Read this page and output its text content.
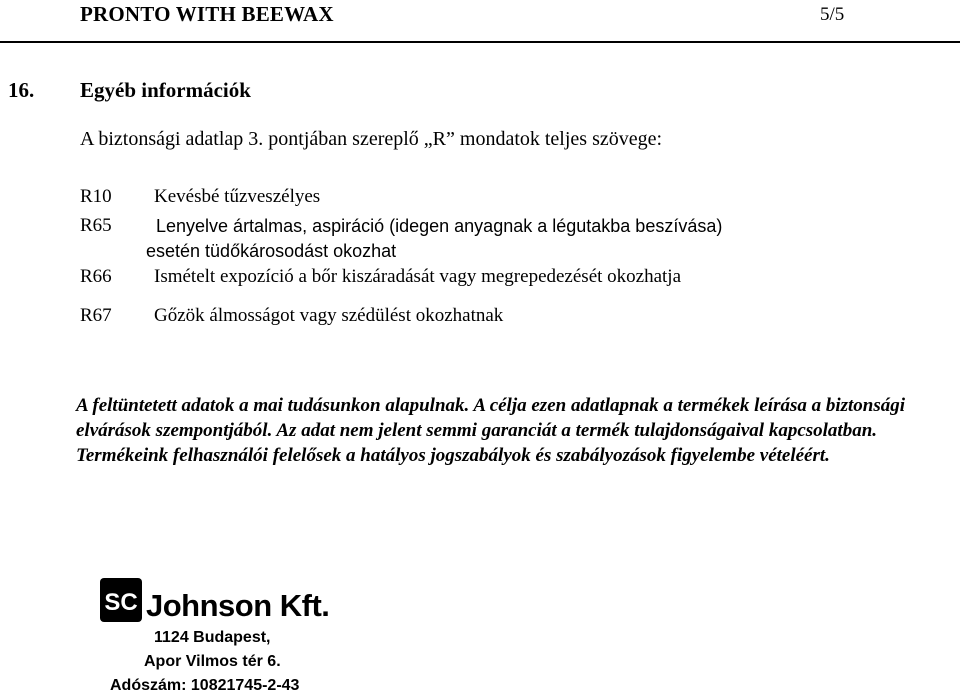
PRONTO WITH BEEWAX	5/5
16. Egyéb információk
A biztonsági adatlap 3. pontjában szereplő „R” mondatok teljes szövege:
R10 Kevésbé tűzveszélyes
R65 Lenyelve ártalmas, aspiráció (idegen anyagnak a légutakba beszívása)
esetén tüdőkárosodást okozhat
R66 Ismételt expozíció a bőr kiszáradását vagy megrepedezését okozhatja
R67 Gőzök álmosságot vagy szédülést okozhatnak

A feltüntetett adatok a mai tudásunkon alapulnak. A célja ezen adatlapnak a termékek leírása a biztonsági elvárások szempontjából. Az adat nem jelent semmi garanciát a termék tulajdonságaival kapcsolatban. Termékeink felhasználói felelősek a hatályos jogszabályok és szabályozások figyelembe vételéért.

SC Johnson Kft.
1124 Budapest,
Apor Vilmos tér 6.
Adószám: 10821745-2-43
